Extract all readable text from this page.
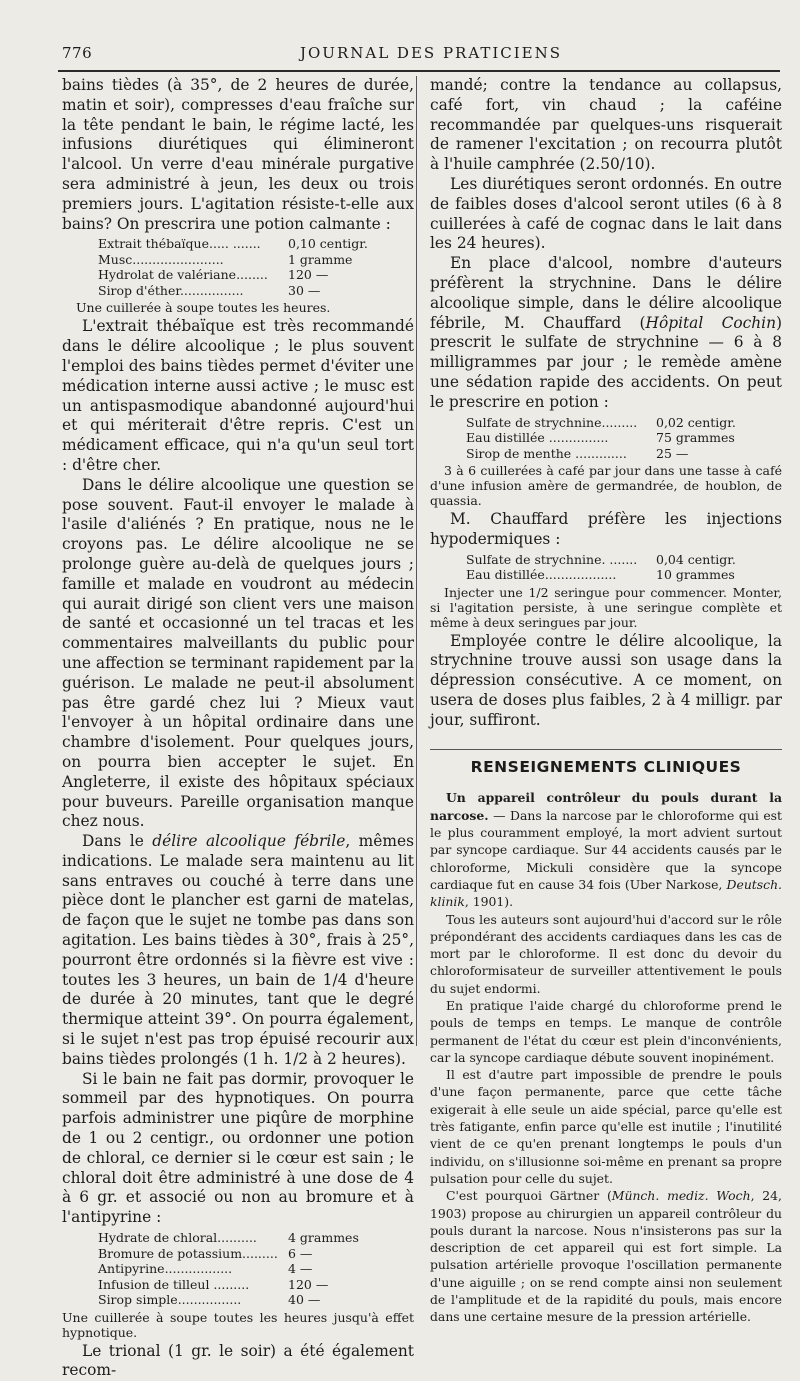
776	JOURNAL DES PRATICIENS

bains tièdes (à 35°, de 2 heures de durée, matin et soir), compresses d'eau fraîche sur la tête pendant le bain, le régime lacté, les infusions diurétiques qui élimineront l'alcool. Un verre d'eau minérale purgative sera administré à jeun, les deux ou trois premiers jours. L'agitation résiste-t-elle aux bains? On prescrira une potion calmante :

Extrait thébaïque..... .......	0,10 centigr.
Musc.......................	1 gramme
Hydrolat de valériane........	120 —
Sirop d'éther................	30 —

Une cuillerée à soupe toutes les heures.

L'extrait thébaïque est très recommandé dans le délire alcoolique ; le plus souvent l'emploi des bains tièdes permet d'éviter une médication interne aussi active ; le musc est un antispasmodique abandonné aujourd'hui et qui mériterait d'être repris. C'est un médicament efficace, qui n'a qu'un seul tort : d'être cher.

Dans le délire alcoolique une question se pose souvent. Faut-il envoyer le malade à l'asile d'aliénés ? En pratique, nous ne le croyons pas. Le délire alcoolique ne se prolonge guère au-delà de quelques jours ; famille et malade en voudront au médecin qui aurait dirigé son client vers une maison de santé et occasionné un tel tracas et les commentaires malveillants du public pour une affection se terminant rapidement par la guérison. Le malade ne peut-il absolument pas être gardé chez lui ? Mieux vaut l'envoyer à un hôpital ordinaire dans une chambre d'isolement. Pour quelques jours, on pourra bien accepter le sujet. En Angleterre, il existe des hôpitaux spéciaux pour buveurs. Pareille organisation manque chez nous.

Dans le délire alcoolique fébrile, mêmes indications. Le malade sera maintenu au lit sans entraves ou couché à terre dans une pièce dont le plancher est garni de matelas, de façon que le sujet ne tombe pas dans son agitation. Les bains tièdes à 30°, frais à 25°, pourront être ordonnés si la fièvre est vive : toutes les 3 heures, un bain de 1/4 d'heure de durée à 20 minutes, tant que le degré thermique atteint 39°. On pourra également, si le sujet n'est pas trop épuisé recourir aux bains tièdes prolongés (1 h. 1/2 à 2 heures).

Si le bain ne fait pas dormir, provoquer le sommeil par des hypnotiques. On pourra parfois administrer une piqûre de morphine de 1 ou 2 centigr., ou ordonner une potion de chloral, ce dernier si le cœur est sain ; le chloral doit être administré à une dose de 4 à 6 gr. et associé ou non au bromure et à l'antipyrine :

Hydrate de chloral..........	4 grammes
Bromure de potassium......... 6 —
Antipyrine.................	4 —
Infusion de tilleul .........	120 —
Sirop simple................	40 —

Une cuillerée à soupe toutes les heures jusqu'à effet hypnotique.

Le trional (1 gr. le soir) a été également recom-

mandé; contre la tendance au collapsus, café fort, vin chaud ; la caféine recommandée par quelques-uns risquerait de ramener l'excitation ; on recourra plutôt à l'huile camphrée (2.50/10).

Les diurétiques seront ordonnés. En outre de faibles doses d'alcool seront utiles (6 à 8 cuillerées à café de cognac dans le lait dans les 24 heures).

En place d'alcool, nombre d'auteurs préfèrent la strychnine. Dans le délire alcoolique simple, dans le délire alcoolique fébrile, M. Chauffard (Hôpital Cochin) prescrit le sulfate de strychnine — 6 à 8 milligrammes par jour ; le remède amène une sédation rapide des accidents. On peut le prescrire en potion :

Sulfate de strychnine.........	0,02 centigr.
Eau distillée ...............	75 grammes
Sirop de menthe .............	25 —

3 à 6 cuillerées à café par jour dans une tasse à café d'une infusion amère de germandrée, de houblon, de quassia.

M. Chauffard préfère les injections hypodermiques :

Sulfate de strychnine. .......	0,04 centigr.
Eau distillée..................	10 grammes

Injecter une 1/2 seringue pour commencer. Monter, si l'agitation persiste, à une seringue complète et même à deux seringues par jour.

Employée contre le délire alcoolique, la strychnine trouve aussi son usage dans la dépression consécutive. A ce moment, on usera de doses plus faibles, 2 à 4 milligr. par jour, suffiront.

RENSEIGNEMENTS CLINIQUES

Un appareil contrôleur du pouls durant la narcose. — Dans la narcose par le chloroforme qui est le plus couramment employé, la mort advient surtout par syncope cardiaque. Sur 44 accidents causés par le chloroforme, Mickuli considère que la syncope cardiaque fut en cause 34 fois (Uber Narkose, Deutsch. klinik, 1901).

Tous les auteurs sont aujourd'hui d'accord sur le rôle prépondérant des accidents cardiaques dans les cas de mort par le chloroforme. Il est donc du devoir du chloroformisateur de surveiller attentivement le pouls du sujet endormi.

En pratique l'aide chargé du chloroforme prend le pouls de temps en temps. Le manque de contrôle permanent de l'état du cœur est plein d'inconvénients, car la syncope cardiaque débute souvent inopinément.

Il est d'autre part impossible de prendre le pouls d'une façon permanente, parce que cette tâche exigerait à elle seule un aide spécial, parce qu'elle est très fatigante, enfin parce qu'elle est inutile ; l'inutilité vient de ce qu'en prenant longtemps le pouls d'un individu, on s'illusionne soi-même en prenant sa propre pulsation pour celle du sujet.

C'est pourquoi Gärtner (Münch. mediz. Woch, 24, 1903) propose au chirurgien un appareil contrôleur du pouls durant la narcose. Nous n'insisterons pas sur la description de cet appareil qui est fort simple. La pulsation artérielle provoque l'oscillation permanente d'une aiguille ; on se rend compte ainsi non seulement de l'amplitude et de la rapidité du pouls, mais encore dans une certaine mesure de la pression artérielle.
